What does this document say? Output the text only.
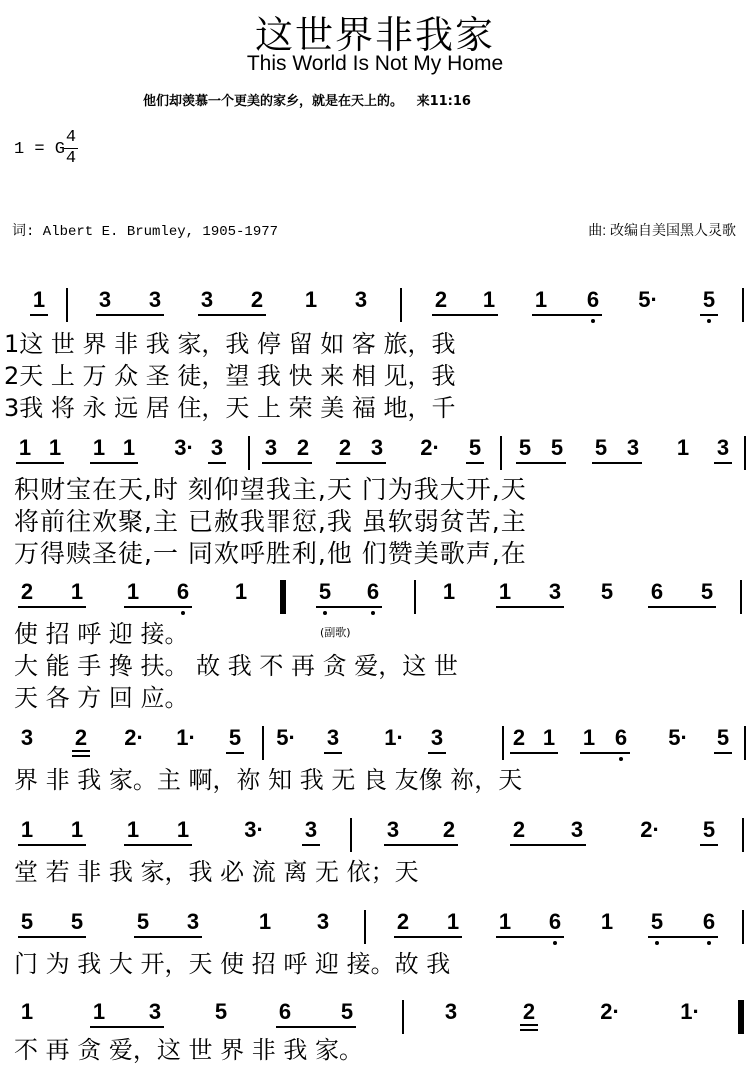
这世界非我家
This World Is Not My Home
他们却羡慕一个更美的家乡，就是在天上的。   来11:16
1 = G
4
4
词: Albert E. Brumley, 1905-1977	曲: 改编自美国黑人灵歌
1 3 3 3 2 1 3	2 1 1 6 5· 5
1这 世 界 非 我 家，我 停 留 如 客 旅，我
2天 上 万 众 圣 徒，望 我 快 来 相 见，我
3我 将 永 远 居 住，天 上 荣 美 福 地，千
1 1 1 1 3· 3 3 2 2 3 2· 5 5 5 5 3 1 3
积财宝在天,时 刻仰望我主,天 门为我大开,天
将前往欢聚,主 已赦我罪愆,我 虽软弱贫苦,主
万得赎圣徒,一 同欢呼胜利,他 们赞美歌声,在
2 1 1 6 1	5 6	1 1 3 5 6 5
(副歌)
使 招 呼 迎 接。
大 能 手 搀 扶。 故 我 不 再 贪 爱，这 世
天 各 方 回 应。
3 2 2· 1· 5 5· 3 1· 3	2 1 1 6 5· 5
界 非 我 家。主 啊，祢 知 我 无 良 友像 祢，天
1 1 1 1	3· 3	3 2	2 3	2· 5
堂 若 非 我 家，我 必 流 离 无 依；天
5 5 5 3	1 3	2 1 1 6 1 5 6
门 为 我 大 开，天 使 招 呼 迎 接。故 我
1	1 3 5 6 5	3	2	2·	1·
不 再 贪 爱，这 世 界 非 我 家。
